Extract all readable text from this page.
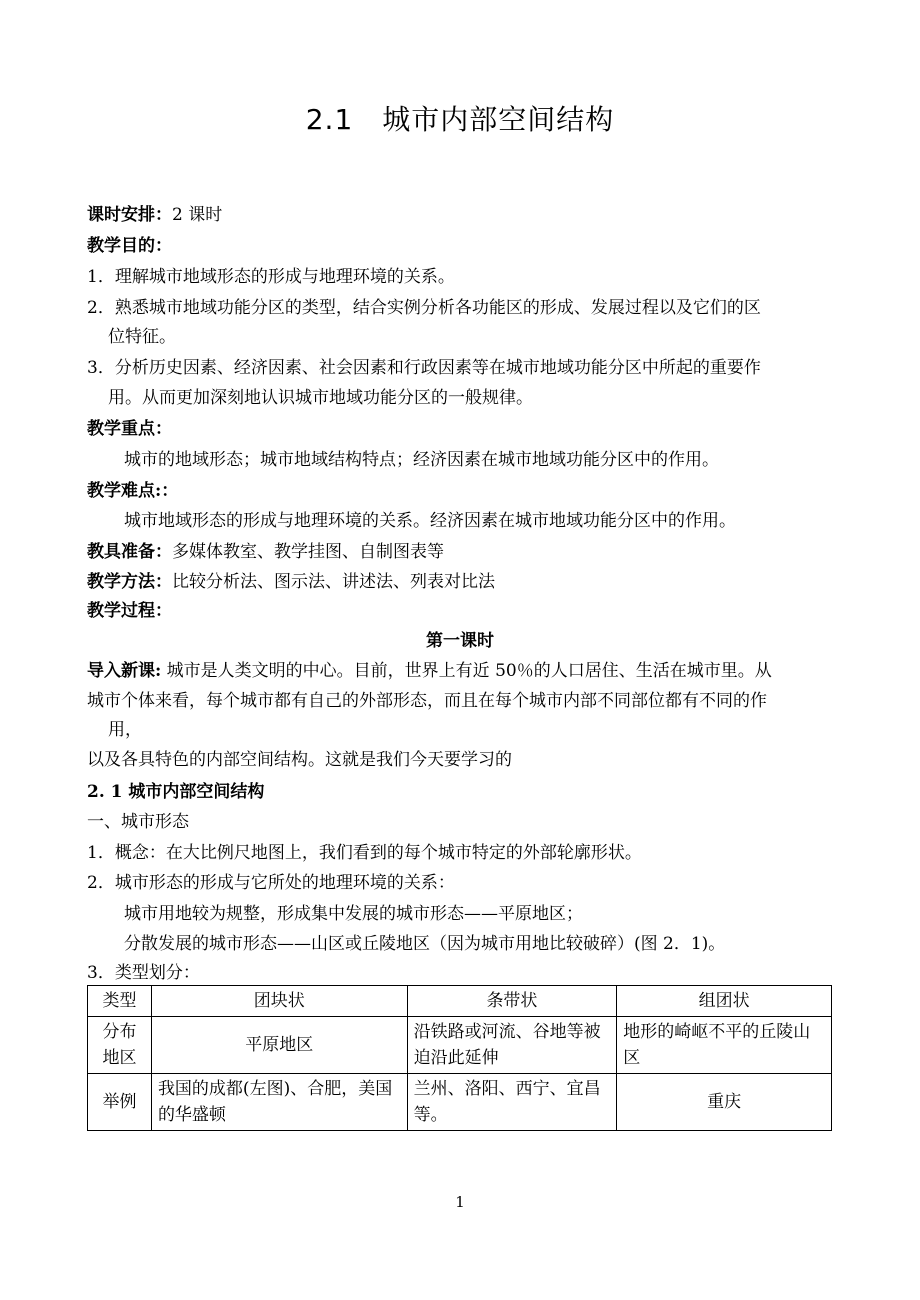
2.1　城市内部空间结构
课时安排：2 课时
教学目的：
1．理解城市地域形态的形成与地理环境的关系。
2．熟悉城市地域功能分区的类型，结合实例分析各功能区的形成、发展过程以及它们的区
位特征。
3．分析历史因素、经济因素、社会因素和行政因素等在城市地域功能分区中所起的重要作
用。从而更加深刻地认识城市地域功能分区的一般规律。
教学重点：
城市的地域形态；城市地域结构特点；经济因素在城市地域功能分区中的作用。
教学难点:：
城市地域形态的形成与地理环境的关系。经济因素在城市地域功能分区中的作用。
教具准备：多媒体教室、教学挂图、自制图表等
教学方法：比较分析法、图示法、讲述法、列表对比法
教学过程：
第一课时
导入新课: 城市是人类文明的中心。目前，世界上有近 50％的人口居住、生活在城市里。从
城市个体来看，每个城市都有自己的外部形态，而且在每个城市内部不同部位都有不同的作
用，
以及各具特色的内部空间结构。这就是我们今天要学习的
2. 1 城市内部空间结构
一、城市形态
1．概念：在大比例尺地图上，我们看到的每个城市特定的外部轮廓形状。
2．城市形态的形成与它所处的地理环境的关系：
城市用地较为规整，形成集中发展的城市形态——平原地区；
分散发展的城市形态——山区或丘陵地区（因为城市用地比较破碎）(图 2．1)。
3．类型划分：
类型	团块状	条带状	组团状
分布地区	平原地区	沿铁路或河流、谷地等被迫沿此延伸	地形的崎岖不平的丘陵山区
举例	我国的成都(左图)、合肥，美国的华盛顿	兰州、洛阳、西宁、宜昌等。	重庆
1
